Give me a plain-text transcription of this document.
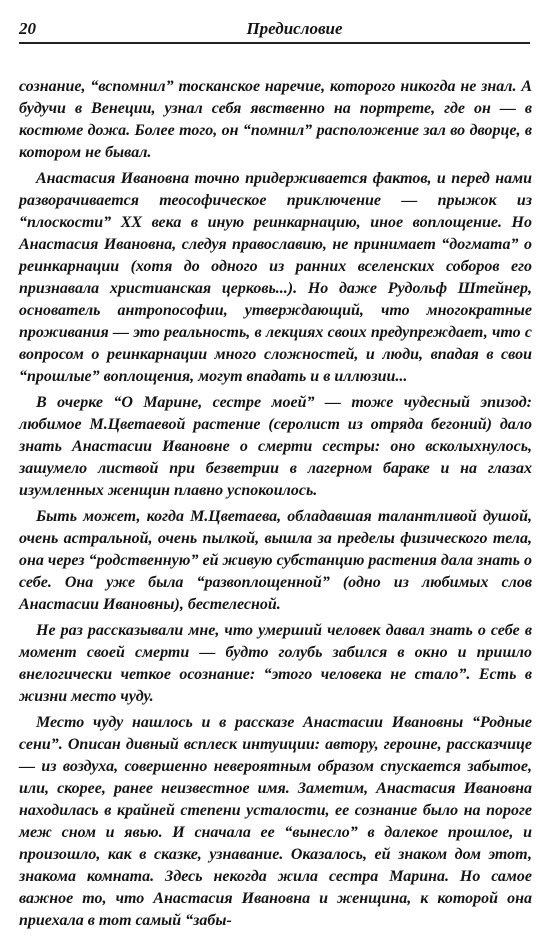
20	Предисловие

сознание, “вспомнил” тосканское наречие, которого никогда не знал. А будучи в Венеции, узнал себя явственно на портрете, где он — в костюме дожа. Более того, он “помнил” расположение зал во дворце, в котором не бывал.

Анастасия Ивановна точно придерживается фактов, и перед нами разворачивается теософическое приключение — прыжок из “плоскости” XX века в иную реинкарнацию, иное воплощение. Но Анастасия Ивановна, следуя православию, не принимает “догмата” о реинкарнации (хотя до одного из ранних вселенских соборов его признавала христианская церковь...). Но даже Рудольф Штейнер, основатель антропософии, утверждающий, что многократные проживания — это реальность, в лекциях своих предупреждает, что с вопросом о реинкарнации много сложностей, и люди, впадая в свои “прошлые” воплощения, могут впадать и в иллюзии...

В очерке “О Марине, сестре моей” — тоже чудесный эпизод: любимое М.Цветаевой растение (серолист из отряда бегоний) дало знать Анастасии Ивановне о смерти сестры: оно всколыхнулось, зашумело листвой при безветрии в лагерном бараке и на глазах изумленных женщин плавно успокоилось.

Быть может, когда М.Цветаева, обладавшая талантливой душой, очень астральной, очень пылкой, вышла за пределы физического тела, она через “родственную” ей живую субстанцию растения дала знать о себе. Она уже была “развоплощенной” (одно из любимых слов Анастасии Ивановны), бестелесной.

Не раз рассказывали мне, что умерший человек давал знать о себе в момент своей смерти — будто голубь забился в окно и пришло внелогически четкое осознание: “этого человека не стало”. Есть в жизни место чуду.

Место чуду нашлось и в рассказе Анастасии Ивановны “Родные сени”. Описан дивный всплеск интуиции: автору, героине, рассказчице — из воздуха, совершенно невероятным образом спускается забытое, или, скорее, ранее неизвестное имя. Заметим, Анастасия Ивановна находилась в крайней степени усталости, ее сознание было на пороге меж сном и явью. И сначала ее “вынесло” в далекое прошлое, и произошло, как в сказке, узнавание. Оказалось, ей знаком дом этот, знакома комната. Здесь некогда жила сестра Марина. Но самое важное то, что Анастасия Ивановна и женщина, к которой она приехала в тот самый “забы-
